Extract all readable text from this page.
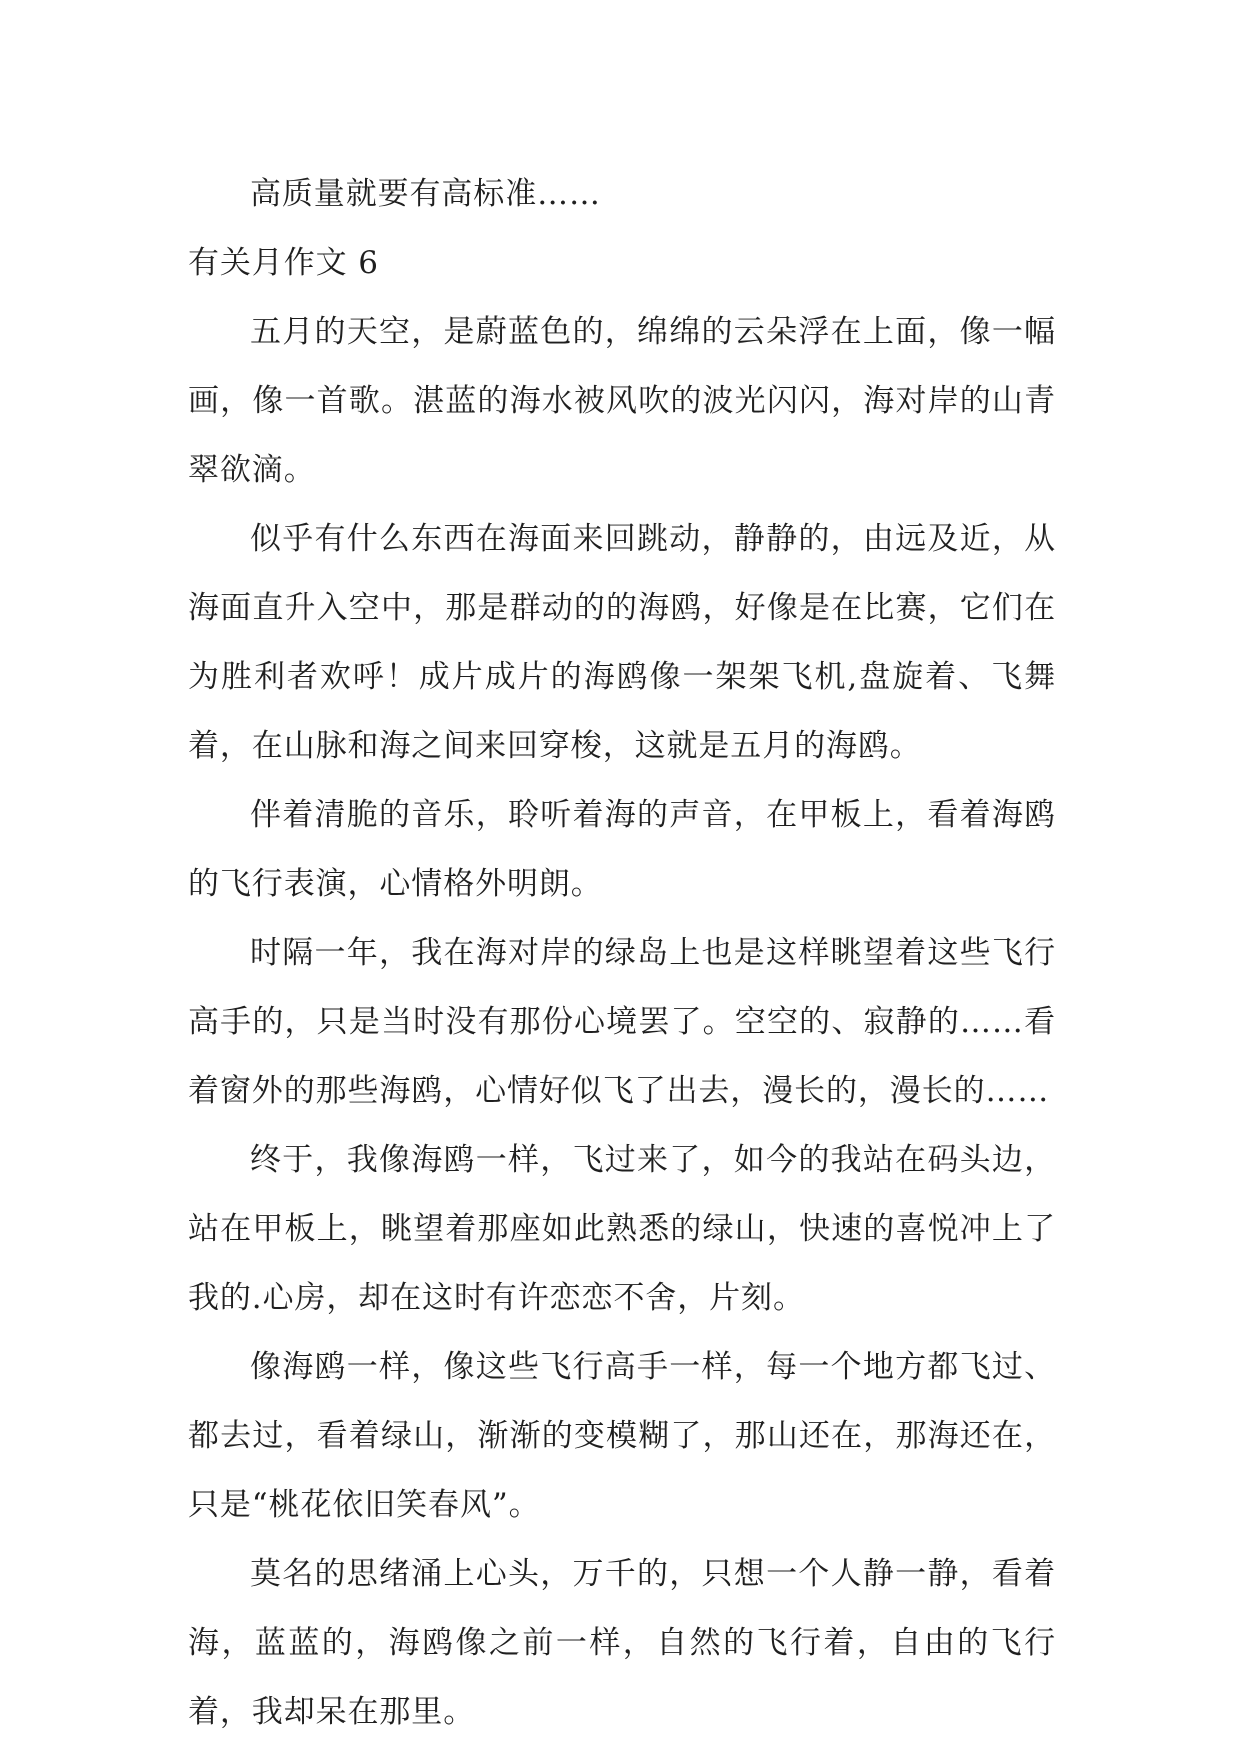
高质量就要有高标准……

有关月作文 6

五月的天空，是蔚蓝色的，绵绵的云朵浮在上面，像一幅画，像一首歌。湛蓝的海水被风吹的波光闪闪，海对岸的山青翠欲滴。

似乎有什么东西在海面来回跳动，静静的，由远及近，从海面直升入空中，那是群动的的海鸥，好像是在比赛，它们在为胜利者欢呼！成片成片的海鸥像一架架飞机,盘旋着、飞舞着，在山脉和海之间来回穿梭，这就是五月的海鸥。

伴着清脆的音乐，聆听着海的声音，在甲板上，看着海鸥的飞行表演，心情格外明朗。

时隔一年，我在海对岸的绿岛上也是这样眺望着这些飞行高手的，只是当时没有那份心境罢了。空空的、寂静的……看着窗外的那些海鸥，心情好似飞了出去，漫长的，漫长的……

终于，我像海鸥一样，飞过来了，如今的我站在码头边，站在甲板上，眺望着那座如此熟悉的绿山，快速的喜悦冲上了我的.心房，却在这时有许恋恋不舍，片刻。

像海鸥一样，像这些飞行高手一样，每一个地方都飞过、都去过，看着绿山，渐渐的变模糊了，那山还在，那海还在，只是“桃花依旧笑春风”。

莫名的思绪涌上心头，万千的，只想一个人静一静，看着海，蓝蓝的，海鸥像之前一样，自然的飞行着，自由的飞行着，我却呆在那里。
